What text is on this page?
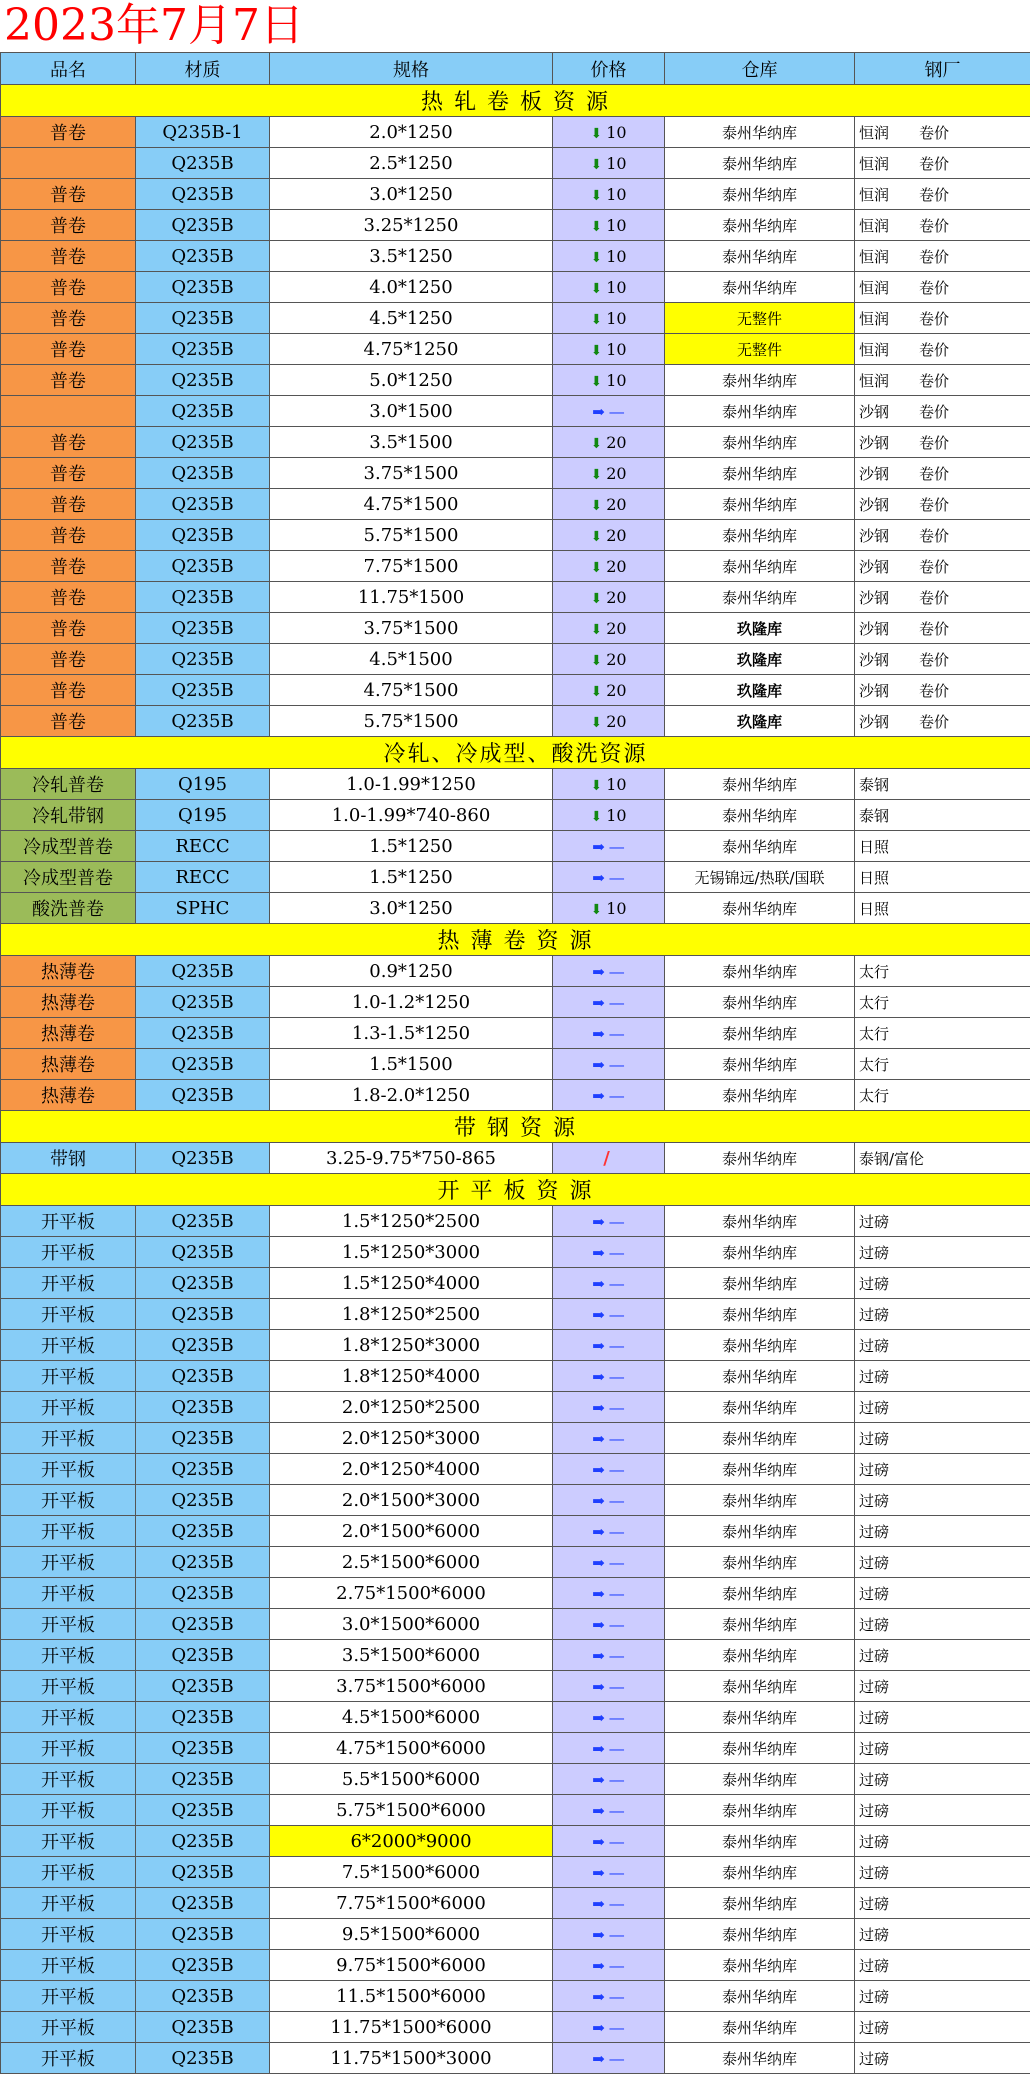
2023年7月7日
品名	材质	规格	价格	仓库	钢厂
热 轧 卷 板 资 源					
普卷	Q235B-1	2.0*1250	⬇ 10	泰州华纳库	恒润 卷价
	Q235B	2.5*1250	⬇ 10	泰州华纳库	恒润 卷价
普卷	Q235B	3.0*1250	⬇ 10	泰州华纳库	恒润 卷价
普卷	Q235B	3.25*1250	⬇ 10	泰州华纳库	恒润 卷价
普卷	Q235B	3.5*1250	⬇ 10	泰州华纳库	恒润 卷价
普卷	Q235B	4.0*1250	⬇ 10	泰州华纳库	恒润 卷价
普卷	Q235B	4.5*1250	⬇ 10	无整件	恒润 卷价
普卷	Q235B	4.75*1250	⬇ 10	无整件	恒润 卷价
普卷	Q235B	5.0*1250	⬇ 10	泰州华纳库	恒润 卷价
	Q235B	3.0*1500	➡ —	泰州华纳库	沙钢 卷价
普卷	Q235B	3.5*1500	⬇ 20	泰州华纳库	沙钢 卷价
普卷	Q235B	3.75*1500	⬇ 20	泰州华纳库	沙钢 卷价
普卷	Q235B	4.75*1500	⬇ 20	泰州华纳库	沙钢 卷价
普卷	Q235B	5.75*1500	⬇ 20	泰州华纳库	沙钢 卷价
普卷	Q235B	7.75*1500	⬇ 20	泰州华纳库	沙钢 卷价
普卷	Q235B	11.75*1500	⬇ 20	泰州华纳库	沙钢 卷价
普卷	Q235B	3.75*1500	⬇ 20	玖隆库	沙钢 卷价
普卷	Q235B	4.5*1500	⬇ 20	玖隆库	沙钢 卷价
普卷	Q235B	4.75*1500	⬇ 20	玖隆库	沙钢 卷价
普卷	Q235B	5.75*1500	⬇ 20	玖隆库	沙钢 卷价
冷轧、冷成型、酸洗资源					
冷轧普卷	Q195	1.0-1.99*1250	⬇ 10	泰州华纳库	泰钢
冷轧带钢	Q195	1.0-1.99*740-860	⬇ 10	泰州华纳库	泰钢
冷成型普卷	RECC	1.5*1250	➡ —	泰州华纳库	日照
冷成型普卷	RECC	1.5*1250	➡ —	无锡锦远/热联/国联	日照
酸洗普卷	SPHC	3.0*1250	⬇ 10	泰州华纳库	日照
热 薄 卷 资 源					
热薄卷	Q235B	0.9*1250	➡ —	泰州华纳库	太行
热薄卷	Q235B	1.0-1.2*1250	➡ —	泰州华纳库	太行
热薄卷	Q235B	1.3-1.5*1250	➡ —	泰州华纳库	太行
热薄卷	Q235B	1.5*1500	➡ —	泰州华纳库	太行
热薄卷	Q235B	1.8-2.0*1250	➡ —	泰州华纳库	太行
带 钢 资 源					
带钢	Q235B	3.25-9.75*750-865	/	泰州华纳库	泰钢/富伦
开 平 板 资 源					
开平板	Q235B	1.5*1250*2500	➡ —	泰州华纳库	过磅
开平板	Q235B	1.5*1250*3000	➡ —	泰州华纳库	过磅
开平板	Q235B	1.5*1250*4000	➡ —	泰州华纳库	过磅
开平板	Q235B	1.8*1250*2500	➡ —	泰州华纳库	过磅
开平板	Q235B	1.8*1250*3000	➡ —	泰州华纳库	过磅
开平板	Q235B	1.8*1250*4000	➡ —	泰州华纳库	过磅
开平板	Q235B	2.0*1250*2500	➡ —	泰州华纳库	过磅
开平板	Q235B	2.0*1250*3000	➡ —	泰州华纳库	过磅
开平板	Q235B	2.0*1250*4000	➡ —	泰州华纳库	过磅
开平板	Q235B	2.0*1500*3000	➡ —	泰州华纳库	过磅
开平板	Q235B	2.0*1500*6000	➡ —	泰州华纳库	过磅
开平板	Q235B	2.5*1500*6000	➡ —	泰州华纳库	过磅
开平板	Q235B	2.75*1500*6000	➡ —	泰州华纳库	过磅
开平板	Q235B	3.0*1500*6000	➡ —	泰州华纳库	过磅
开平板	Q235B	3.5*1500*6000	➡ —	泰州华纳库	过磅
开平板	Q235B	3.75*1500*6000	➡ —	泰州华纳库	过磅
开平板	Q235B	4.5*1500*6000	➡ —	泰州华纳库	过磅
开平板	Q235B	4.75*1500*6000	➡ —	泰州华纳库	过磅
开平板	Q235B	5.5*1500*6000	➡ —	泰州华纳库	过磅
开平板	Q235B	5.75*1500*6000	➡ —	泰州华纳库	过磅
开平板	Q235B	6*2000*9000	➡ —	泰州华纳库	过磅
开平板	Q235B	7.5*1500*6000	➡ —	泰州华纳库	过磅
开平板	Q235B	7.75*1500*6000	➡ —	泰州华纳库	过磅
开平板	Q235B	9.5*1500*6000	➡ —	泰州华纳库	过磅
开平板	Q235B	9.75*1500*6000	➡ —	泰州华纳库	过磅
开平板	Q235B	11.5*1500*6000	➡ —	泰州华纳库	过磅
开平板	Q235B	11.75*1500*6000	➡ —	泰州华纳库	过磅
开平板	Q235B	11.75*1500*3000	➡ —	泰州华纳库	过磅
